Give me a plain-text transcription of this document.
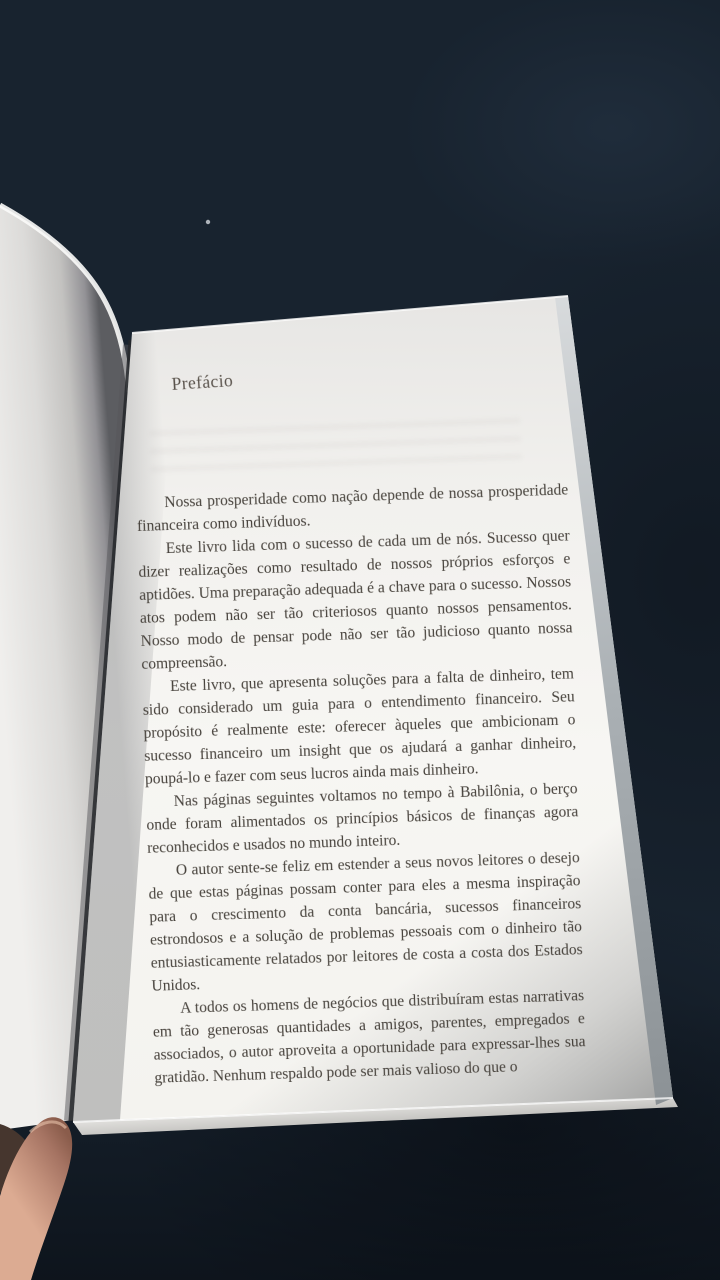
Prefácio

Nossa prosperidade como nação depende de nossa prosperidade financeira como indivíduos.

Este livro lida com o sucesso de cada um de nós. Sucesso quer dizer realizações como resultado de nossos próprios esforços e aptidões. Uma preparação adequada é a chave para o sucesso. Nossos atos podem não ser tão criteriosos quanto nossos pensamentos. Nosso modo de pensar pode não ser tão judicioso quanto nossa compreensão.

Este livro, que apresenta soluções para a falta de dinheiro, tem sido considerado um guia para o entendimento financeiro. Seu propósito é realmente este: oferecer àqueles que ambicionam o sucesso financeiro um insight que os ajudará a ganhar dinheiro, poupá-lo e fazer com seus lucros ainda mais dinheiro.

Nas páginas seguintes voltamos no tempo à Babilônia, o berço onde foram alimentados os princípios básicos de finanças agora reconhecidos e usados no mundo inteiro.

O autor sente-se feliz em estender a seus novos leitores o desejo de que estas páginas possam conter para eles a mesma inspiração para o crescimento da conta bancária, sucessos financeiros estrondosos e a solução de problemas pessoais com o dinheiro tão entusiasticamente relatados por leitores de costa a costa dos Estados Unidos.

A todos os homens de negócios que distribuíram estas narrativas em tão generosas quantidades a amigos, parentes, empregados e associados, o autor aproveita a oportunidade para expressar-lhes sua gratidão. Nenhum respaldo pode ser mais valioso do que o
